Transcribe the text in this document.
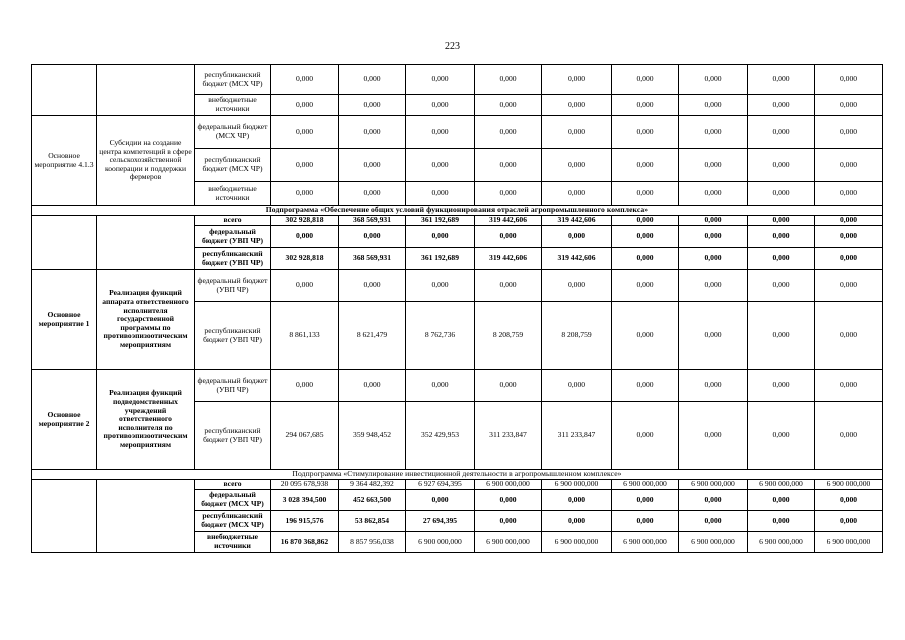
223
		республиканский бюджет (МСХ ЧР)	0,000	0,000	0,000	0,000	0,000	0,000	0,000	0,000	0,000
		внебюджетные источники	0,000	0,000	0,000	0,000	0,000	0,000	0,000	0,000	0,000
Основное мероприятие 4.1.3	Субсидии на создание центра компетенций в сфере сельскохозяйственной кооперации и поддержки фермеров	федеральный бюджет (МСХ ЧР)	0,000	0,000	0,000	0,000	0,000	0,000	0,000	0,000	0,000
		республиканский бюджет (МСХ ЧР)	0,000	0,000	0,000	0,000	0,000	0,000	0,000	0,000	0,000
		внебюджетные источники	0,000	0,000	0,000	0,000	0,000	0,000	0,000	0,000	0,000
Подпрограмма «Обеспечение общих условий функционирования отраслей агропромышленного комплекса»											
		всего	302 928,818	368 569,931	361 192,689	319 442,606	319 442,606	0,000	0,000	0,000	0,000
		федеральный бюджет (УВП ЧР)	0,000	0,000	0,000	0,000	0,000	0,000	0,000	0,000	0,000
		республиканский бюджет (УВП ЧР)	302 928,818	368 569,931	361 192,689	319 442,606	319 442,606	0,000	0,000	0,000	0,000
Основное мероприятие 1	Реализация функций аппарата ответственного исполнителя государственной программы по противоэпизоотическим мероприятиям	федеральный бюджет (УВП ЧР)	0,000	0,000	0,000	0,000	0,000	0,000	0,000	0,000	0,000
		республиканский бюджет (УВП ЧР)	8 861,133	8 621,479	8 762,736	8 208,759	8 208,759	0,000	0,000	0,000	0,000
Основное мероприятие 2	Реализация функций подведомственных учреждений ответственного исполнителя по противоэпизоотическим мероприятиям	федеральный бюджет (УВП ЧР)	0,000	0,000	0,000	0,000	0,000	0,000	0,000	0,000	0,000
		республиканский бюджет (УВП ЧР)	294 067,685	359 948,452	352 429,953	311 233,847	311 233,847	0,000	0,000	0,000	0,000
Подпрограмма «Стимулирование инвестиционной деятельности в агропромышленном комплексе»											
		всего	20 095 678,938	9 364 482,392	6 927 694,395	6 900 000,000	6 900 000,000	6 900 000,000	6 900 000,000	6 900 000,000	6 900 000,000
		федеральный бюджет (МСХ ЧР)	3 028 394,500	452 663,500	0,000	0,000	0,000	0,000	0,000	0,000	0,000
		республиканский бюджет (МСХ ЧР)	196 915,576	53 862,854	27 694,395	0,000	0,000	0,000	0,000	0,000	0,000
		внебюджетные источники	16 870 368,862	8 857 956,038	6 900 000,000	6 900 000,000	6 900 000,000	6 900 000,000	6 900 000,000	6 900 000,000	6 900 000,000
